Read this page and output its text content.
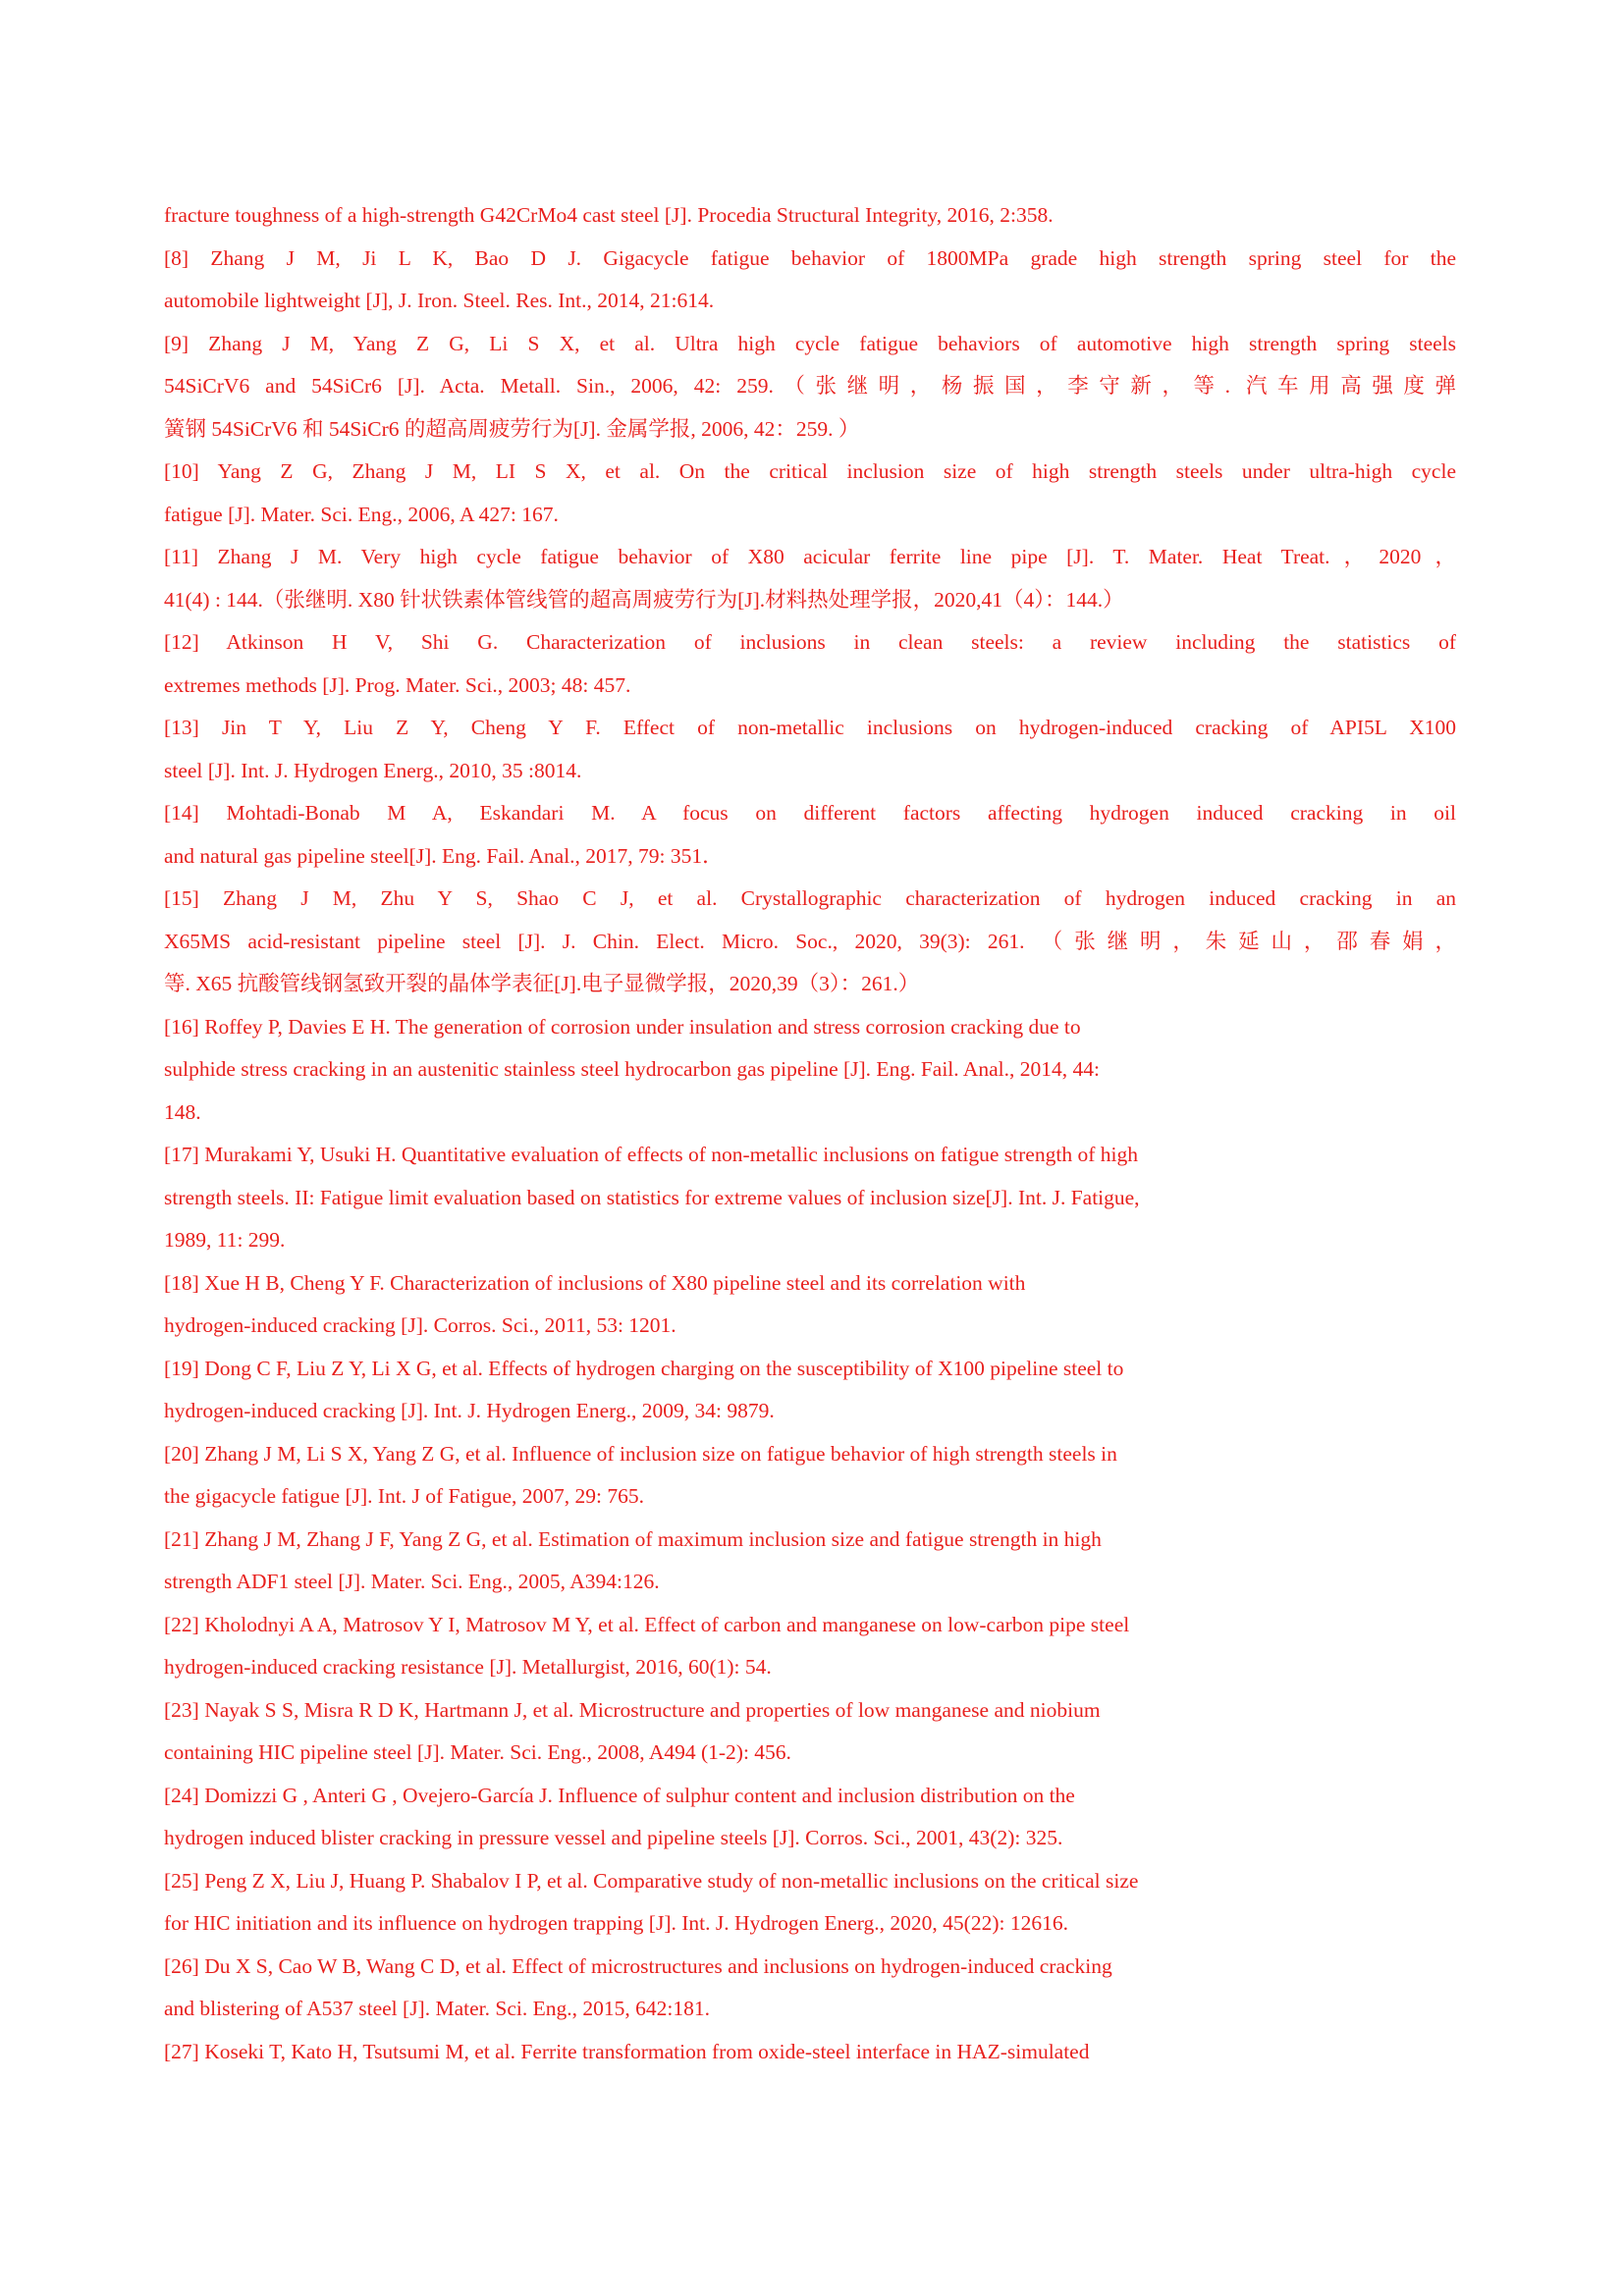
fracture toughness of a high-strength G42CrMo4 cast steel [J]. Procedia Structural Integrity, 2016, 2:358.
[8] Zhang J M, Ji L K, Bao D J. Gigacycle fatigue behavior of 1800MPa grade high strength spring steel for the
automobile lightweight [J], J. Iron. Steel. Res. Int., 2014, 21:614.
[9] Zhang J M, Yang Z G, Li S X, et al. Ultra high cycle fatigue behaviors of automotive high strength spring steels
54SiCrV6 and 54SiCr6 [J]. Acta. Metall. Sin., 2006, 42: 259.（张继明，杨振国，李守新，等. 汽车用高强度弹
簧钢 54SiCrV6 和 54SiCr6 的超高周疲劳行为[J]. 金属学报, 2006, 42：259. ）
[10] Yang Z G, Zhang J M, LI S X, et al. On the critical inclusion size of high strength steels under ultra-high cycle
fatigue [J]. Mater. Sci. Eng., 2006, A 427: 167.
[11] Zhang J M. Very high cycle fatigue behavior of X80 acicular ferrite line pipe [J]. T. Mater. Heat Treat.，2020，
41(4) : 144.（张继明. X80 针状铁素体管线管的超高周疲劳行为[J].材料热处理学报，2020,41（4）：144.）
[12] Atkinson H V, Shi G. Characterization of inclusions in clean steels: a review including the statistics of
extremes methods [J]. Prog. Mater. Sci., 2003; 48: 457.
[13] Jin T Y, Liu Z Y, Cheng Y F. Effect of non-metallic inclusions on hydrogen-induced cracking of API5L X100
steel [J]. Int. J. Hydrogen Energ., 2010, 35 :8014.
[14] Mohtadi-Bonab M A, Eskandari M. A focus on different factors affecting hydrogen induced cracking in oil
and natural gas pipeline steel[J]. Eng. Fail. Anal., 2017, 79: 351．
[15] Zhang J M, Zhu Y S, Shao C J, et al. Crystallographic characterization of hydrogen induced cracking in an
X65MS acid-resistant pipeline steel [J]. J. Chin. Elect. Micro. Soc., 2020, 39(3): 261. （张继明，朱延山，邵春娟，
等. X65 抗酸管线钢氢致开裂的晶体学表征[J].电子显微学报，2020,39（3）：261.）
[16] Roffey P, Davies E H. The generation of corrosion under insulation and stress corrosion cracking due to
sulphide stress cracking in an austenitic stainless steel hydrocarbon gas pipeline [J]. Eng. Fail. Anal., 2014, 44:
148.
[17] Murakami Y, Usuki H. Quantitative evaluation of effects of non-metallic inclusions on fatigue strength of high
strength steels. II: Fatigue limit evaluation based on statistics for extreme values of inclusion size[J]. Int. J. Fatigue,
1989, 11: 299.
[18] Xue H B, Cheng Y F. Characterization of inclusions of X80 pipeline steel and its correlation with
hydrogen-induced cracking [J]. Corros. Sci., 2011, 53: 1201.
[19] Dong C F, Liu Z Y, Li X G, et al. Effects of hydrogen charging on the susceptibility of X100 pipeline steel to
hydrogen-induced cracking [J]. Int. J. Hydrogen Energ., 2009, 34: 9879.
[20] Zhang J M, Li S X, Yang Z G, et al. Influence of inclusion size on fatigue behavior of high strength steels in
the gigacycle fatigue [J]. Int. J of Fatigue, 2007, 29: 765.
[21] Zhang J M, Zhang J F, Yang Z G, et al. Estimation of maximum inclusion size and fatigue strength in high
strength ADF1 steel [J]. Mater. Sci. Eng., 2005, A394:126.
[22] Kholodnyi A A, Matrosov Y I, Matrosov M Y, et al. Effect of carbon and manganese on low-carbon pipe steel
hydrogen-induced cracking resistance [J]. Metallurgist, 2016, 60(1): 54.
[23] Nayak S S, Misra R D K, Hartmann J, et al. Microstructure and properties of low manganese and niobium
containing HIC pipeline steel [J]. Mater. Sci. Eng., 2008, A494 (1-2): 456.
[24] Domizzi G , Anteri G , Ovejero-García J. Influence of sulphur content and inclusion distribution on the
hydrogen induced blister cracking in pressure vessel and pipeline steels [J]. Corros. Sci., 2001, 43(2): 325.
[25] Peng Z X, Liu J, Huang P. Shabalov I P, et al. Comparative study of non-metallic inclusions on the critical size
for HIC initiation and its influence on hydrogen trapping [J]. Int. J. Hydrogen Energ., 2020, 45(22): 12616.
[26] Du X S, Cao W B, Wang C D, et al. Effect of microstructures and inclusions on hydrogen-induced cracking
and blistering of A537 steel [J]. Mater. Sci. Eng., 2015, 642:181.
[27] Koseki T, Kato H, Tsutsumi M, et al. Ferrite transformation from oxide-steel interface in HAZ-simulated
